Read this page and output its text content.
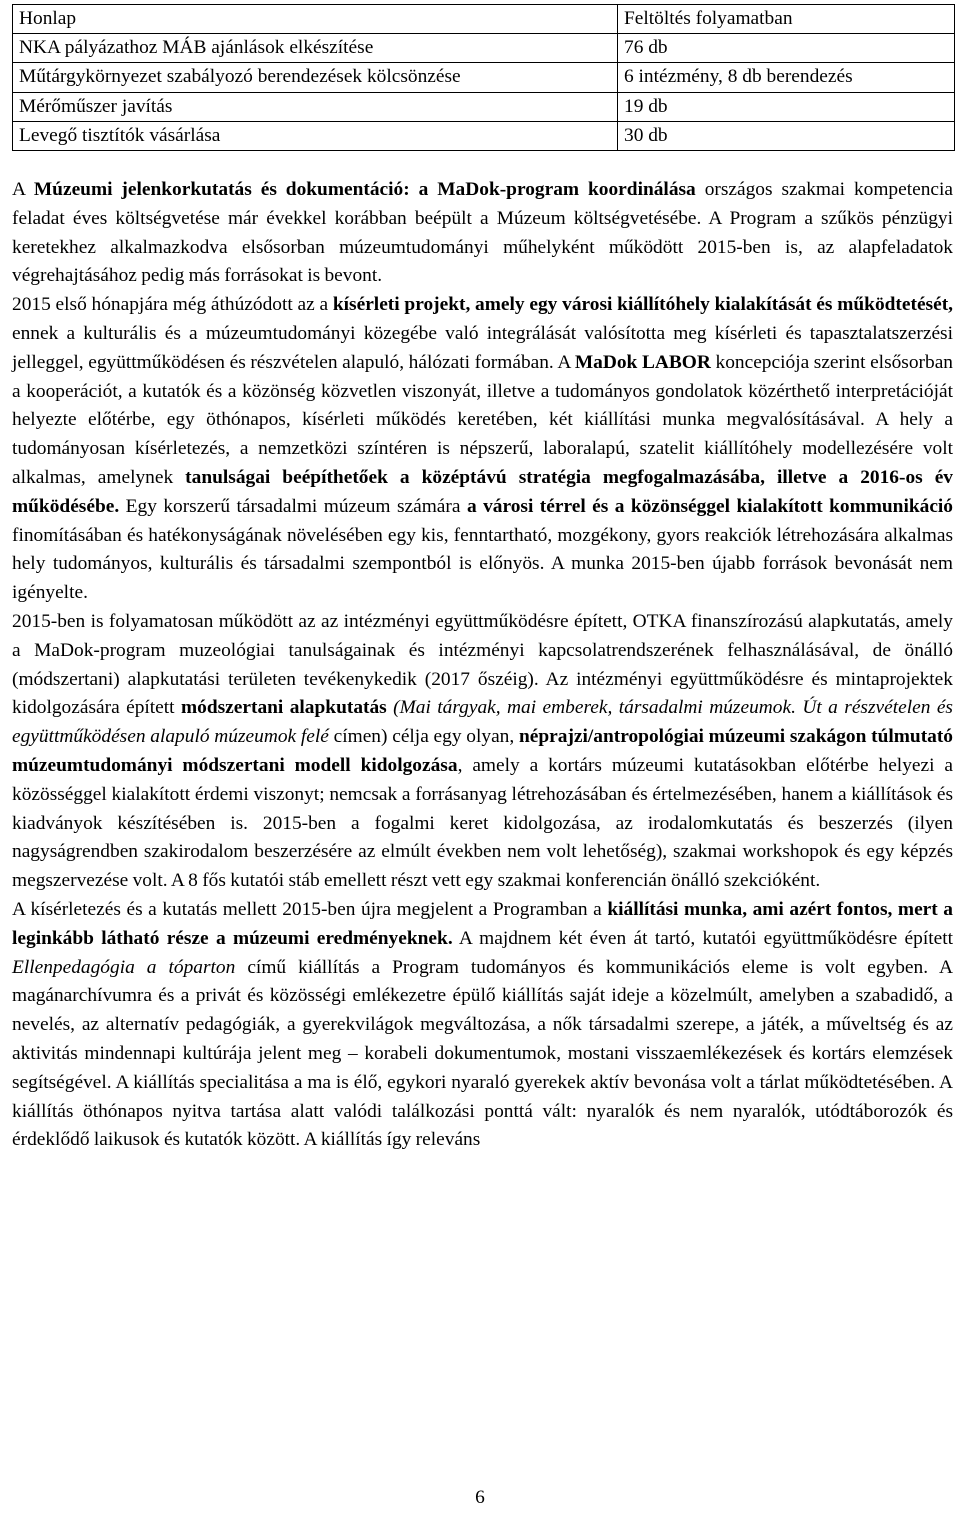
Honlap	Feltöltés folyamatban
NKA pályázathoz MÁB ajánlások elkészítése	76 db
Műtárgykörnyezet szabályozó berendezések kölcsönzése	6 intézmény, 8 db berendezés
Mérőműszer javítás	19 db
Levegő tisztítók vásárlása	30 db

A Múzeumi jelenkorkutatás és dokumentáció: a MaDok-program koordinálása országos szakmai kompetencia feladat éves költségvetése már évekkel korábban beépült a Múzeum költségvetésébe. A Program a szűkös pénzügyi keretekhez alkalmazkodva elsősorban múzeumtudományi műhelyként működött 2015-ben is, az alapfeladatok végrehajtásához pedig más forrásokat is bevont.

2015 első hónapjára még áthúzódott az a kísérleti projekt, amely egy városi kiállítóhely kialakítását és működtetését, ennek a kulturális és a múzeumtudományi közegébe való integrálását valósította meg kísérleti és tapasztalatszerzési jelleggel, együttműködésen és részvételen alapuló, hálózati formában. A MaDok LABOR koncepciója szerint elsősorban a kooperációt, a kutatók és a közönség közvetlen viszonyát, illetve a tudományos gondolatok közérthető interpretációját helyezte előtérbe, egy öthónapos, kísérleti működés keretében, két kiállítási munka megvalósításával. A hely a tudományosan kísérletezés, a nemzetközi színtéren is népszerű, laboralapú, szatelit kiállítóhely modellezésére volt alkalmas, amelynek tanulságai beépíthetőek a középtávú stratégia megfogalmazásába, illetve a 2016-os év működésébe. Egy korszerű társadalmi múzeum számára a városi térrel és a közönséggel kialakított kommunikáció finomításában és hatékonyságának növelésében egy kis, fenntartható, mozgékony, gyors reakciók létrehozására alkalmas hely tudományos, kulturális és társadalmi szempontból is előnyös. A munka 2015-ben újabb források bevonását nem igényelte.

2015-ben is folyamatosan működött az az intézményi együttműködésre épített, OTKA finanszírozású alapkutatás, amely a MaDok-program muzeológiai tanulságainak és intézményi kapcsolatrendszerének felhasználásával, de önálló (módszertani) alapkutatási területen tevékenykedik (2017 őszéig). Az intézményi együttműködésre és mintaprojektek kidolgozására épített módszertani alapkutatás (Mai tárgyak, mai emberek, társadalmi múzeumok. Út a részvételen és együttműködésen alapuló múzeumok felé címen) célja egy olyan, néprajzi/antropológiai múzeumi szakágon túlmutató múzeumtudományi módszertani modell kidolgozása, amely a kortárs múzeumi kutatásokban előtérbe helyezi a közösséggel kialakított érdemi viszonyt; nemcsak a forrásanyag létrehozásában és értelmezésében, hanem a kiállítások és kiadványok készítésében is. 2015-ben a fogalmi keret kidolgozása, az irodalomkutatás és beszerzés (ilyen nagyságrendben szakirodalom beszerzésére az elmúlt években nem volt lehetőség), szakmai workshopok és egy képzés megszervezése volt. A 8 fős kutatói stáb emellett részt vett egy szakmai konferencián önálló szekcióként.

A kísérletezés és a kutatás mellett 2015-ben újra megjelent a Programban a kiállítási munka, ami azért fontos, mert a leginkább látható része a múzeumi eredményeknek. A majdnem két éven át tartó, kutatói együttműködésre épített Ellenpedagógia a tóparton című kiállítás a Program tudományos és kommunikációs eleme is volt egyben. A magánarchívumra és a privát és közösségi emlékezetre épülő kiállítás saját ideje a közelmúlt, amelyben a szabadidő, a nevelés, az alternatív pedagógiák, a gyerekvilágok megváltozása, a nők társadalmi szerepe, a játék, a műveltség és az aktivitás mindennapi kultúrája jelent meg – korabeli dokumentumok, mostani visszaemlékezések és kortárs elemzések segítségével. A kiállítás specialitása a ma is élő, egykori nyaraló gyerekek aktív bevonása volt a tárlat működtetésében. A kiállítás öthónapos nyitva tartása alatt valódi találkozási ponttá vált: nyaralók és nem nyaralók, utódtáborozók és érdeklődő laikusok és kutatók között. A kiállítás így releváns

6
